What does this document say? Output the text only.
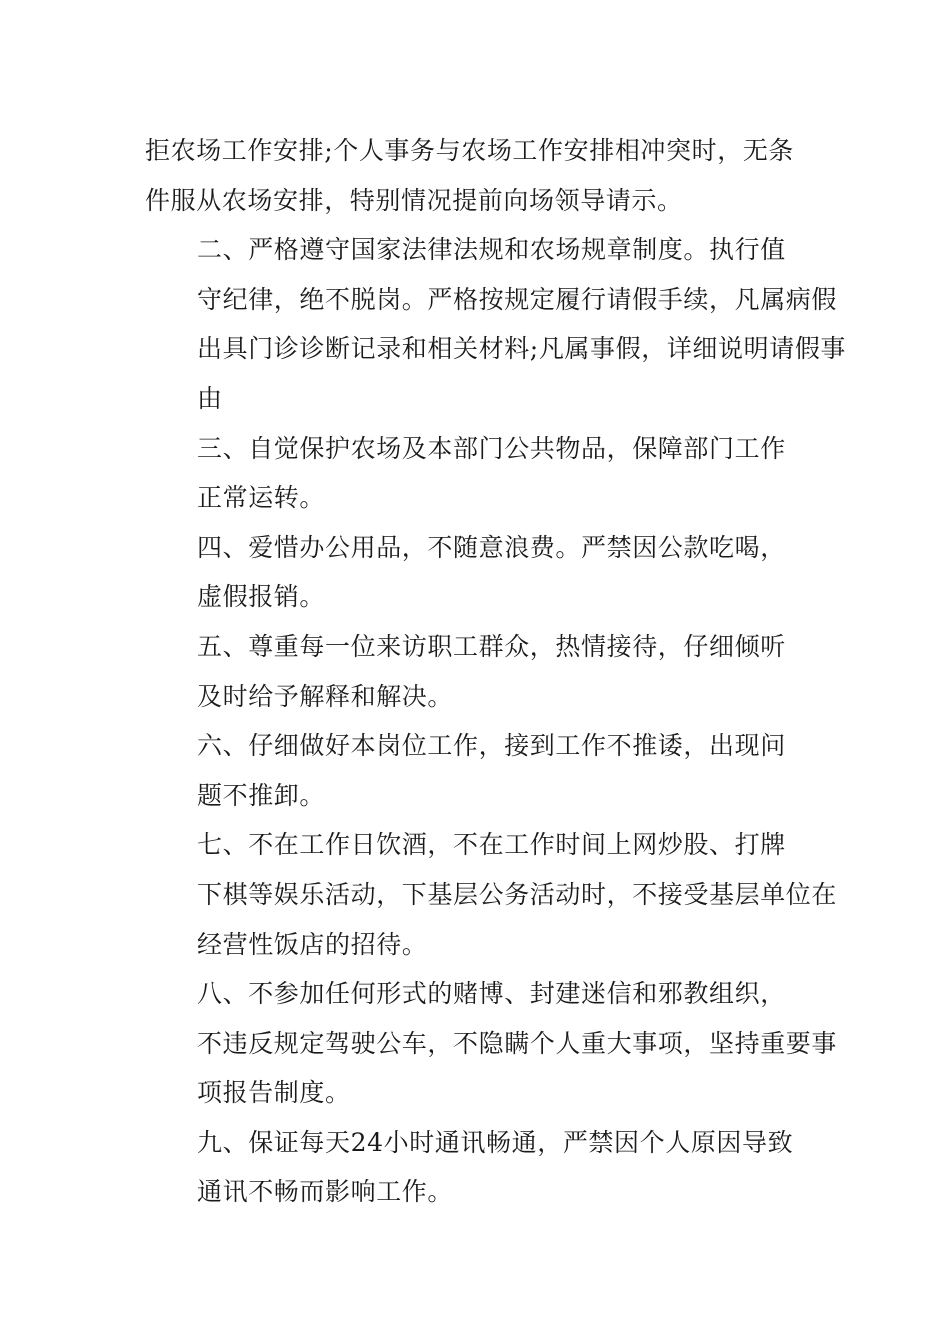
拒农场工作安排;个人事务与农场工作安排相冲突时，无条
件服从农场安排，特别情况提前向场领导请示。

二、严格遵守国家法律法规和农场规章制度。执行值
守纪律，绝不脱岗。严格按规定履行请假手续，凡属病假
出具门诊诊断记录和相关材料;凡属事假，详细说明请假事
由

三、自觉保护农场及本部门公共物品，保障部门工作
正常运转。

四、爱惜办公用品，不随意浪费。严禁因公款吃喝，
虚假报销。

五、尊重每一位来访职工群众，热情接待，仔细倾听
及时给予解释和解决。

六、仔细做好本岗位工作，接到工作不推诿，出现问
题不推卸。

七、不在工作日饮酒，不在工作时间上网炒股、打牌
下棋等娱乐活动，下基层公务活动时，不接受基层单位在
经营性饭店的招待。

八、不参加任何形式的赌博、封建迷信和邪教组织，
不违反规定驾驶公车，不隐瞒个人重大事项，坚持重要事
项报告制度。

九、保证每天24小时通讯畅通，严禁因个人原因导致
通讯不畅而影响工作。
